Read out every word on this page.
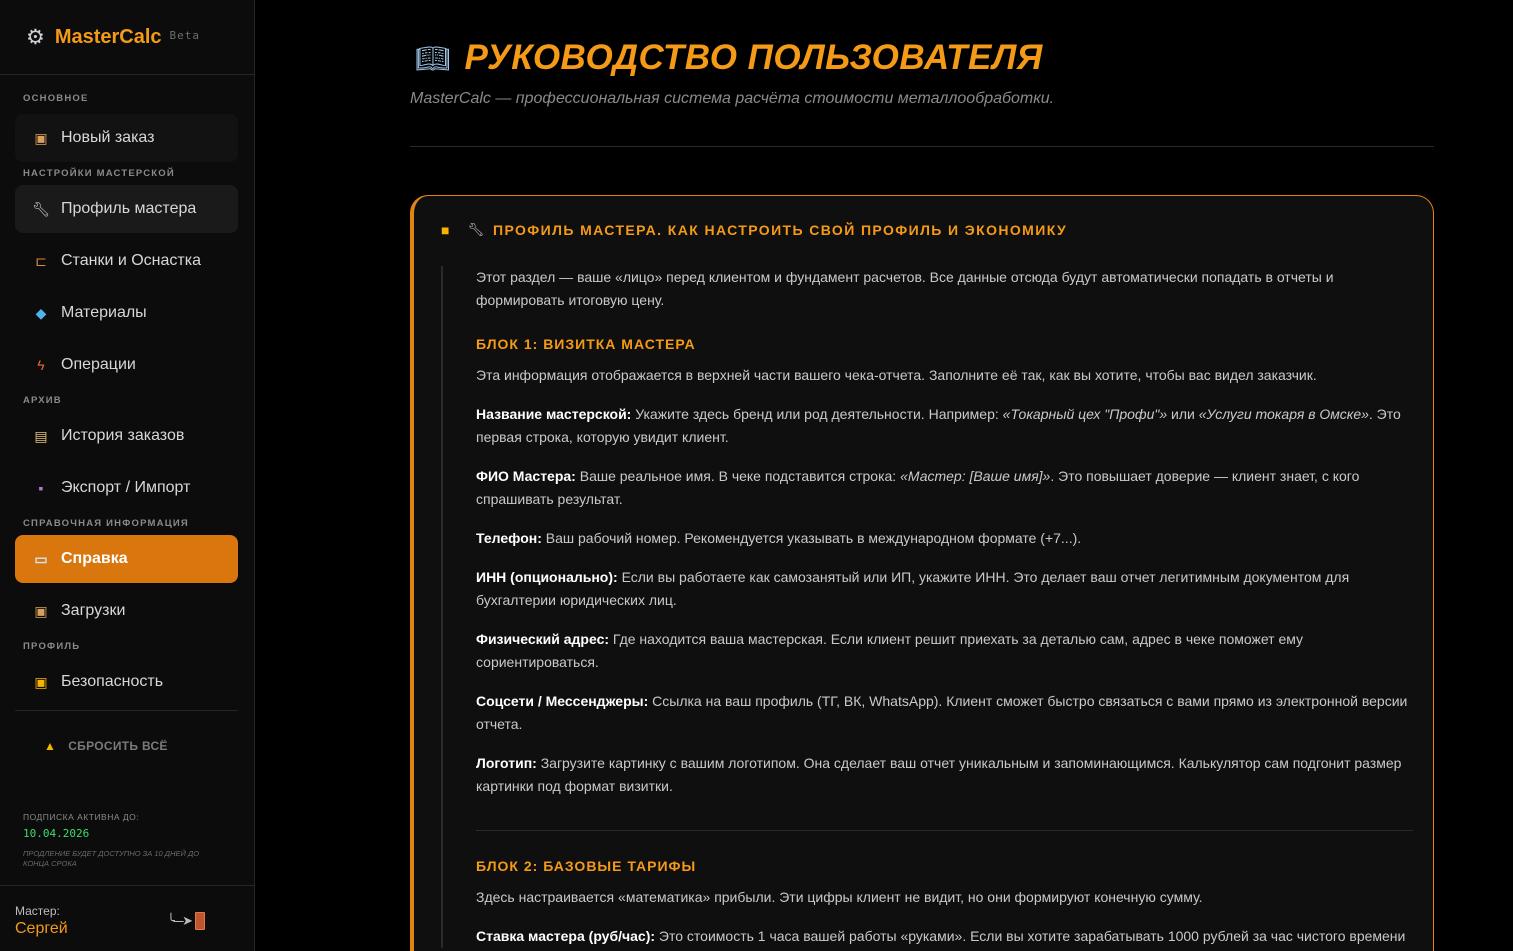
⚙ MasterCalc Beta
ОСНОВНОЕ
▣ Новый заказ
НАСТРОЙКИ МАСТЕРСКОЙ
🔧︎ Профиль мастера
⊏ Станки и Оснастка
◆ Материалы
ϟ	Операции
АРХИВ
▤ История заказов
▪	Экспорт / Импорт
СПРАВОЧНАЯ ИНФОРМАЦИЯ
▭ Справка
▣ Загрузки
ПРОФИЛЬ
▣ Безопасность
▲ СБРОСИТЬ ВСЁ
ПОДПИСКА АКТИВНА ДО:
10.04.2026
ПРОДЛЕНИЕ БУДЕТ ДОСТУПНО ЗА 10 ДНЕЙ ДО КОНЦА СРОКА
Мастер:
Сергей	╰----➤
📖︎ РУКОВОДСТВО ПОЛЬЗОВАТЕЛЯ
MasterCalc — профессиональная система расчёта стоимости металлообработки.
■ 🔧︎ ПРОФИЛЬ МАСТЕРА. КАК НАСТРОИТЬ СВОЙ ПРОФИЛЬ И ЭКОНОМИКУ

Этот раздел — ваше «лицо» перед клиентом и фундамент расчетов. Все данные отсюда будут автоматически попадать в отчеты и формировать итоговую цену.

БЛОК 1: ВИЗИТКА МАСТЕРА

Эта информация отображается в верхней части вашего чека-отчета. Заполните её так, как вы хотите, чтобы вас видел заказчик.

Название мастерской: Укажите здесь бренд или род деятельности. Например: «Токарный цех "Профи"» или «Услуги токаря в Омске». Это первая строка, которую увидит клиент.

ФИО Мастера: Ваше реальное имя. В чеке подставится строка: «Мастер: [Ваше имя]». Это повышает доверие — клиент знает, с кого спрашивать результат.

Телефон: Ваш рабочий номер. Рекомендуется указывать в международном формате (+7...).

ИНН (опционально): Если вы работаете как самозанятый или ИП, укажите ИНН. Это делает ваш отчет легитимным документом для бухгалтерии юридических лиц.

Физический адрес: Где находится ваша мастерская. Если клиент решит приехать за деталью сам, адрес в чеке поможет ему сориентироваться.

Соцсети / Мессенджеры: Ссылка на ваш профиль (ТГ, ВК, WhatsApp). Клиент сможет быстро связаться с вами прямо из электронной версии отчета.

Логотип: Загрузите картинку с вашим логотипом. Она сделает ваш отчет уникальным и запоминающимся. Калькулятор сам подгонит размер картинки под формат визитки.

БЛОК 2: БАЗОВЫЕ ТАРИФЫ

Здесь настраивается «математика» прибыли. Эти цифры клиент не видит, но они формируют конечную сумму.

Ставка мастера (руб/час): Это стоимость 1 часа вашей работы «руками». Если вы хотите зарабатывать 1000 рублей за час чистого времени
